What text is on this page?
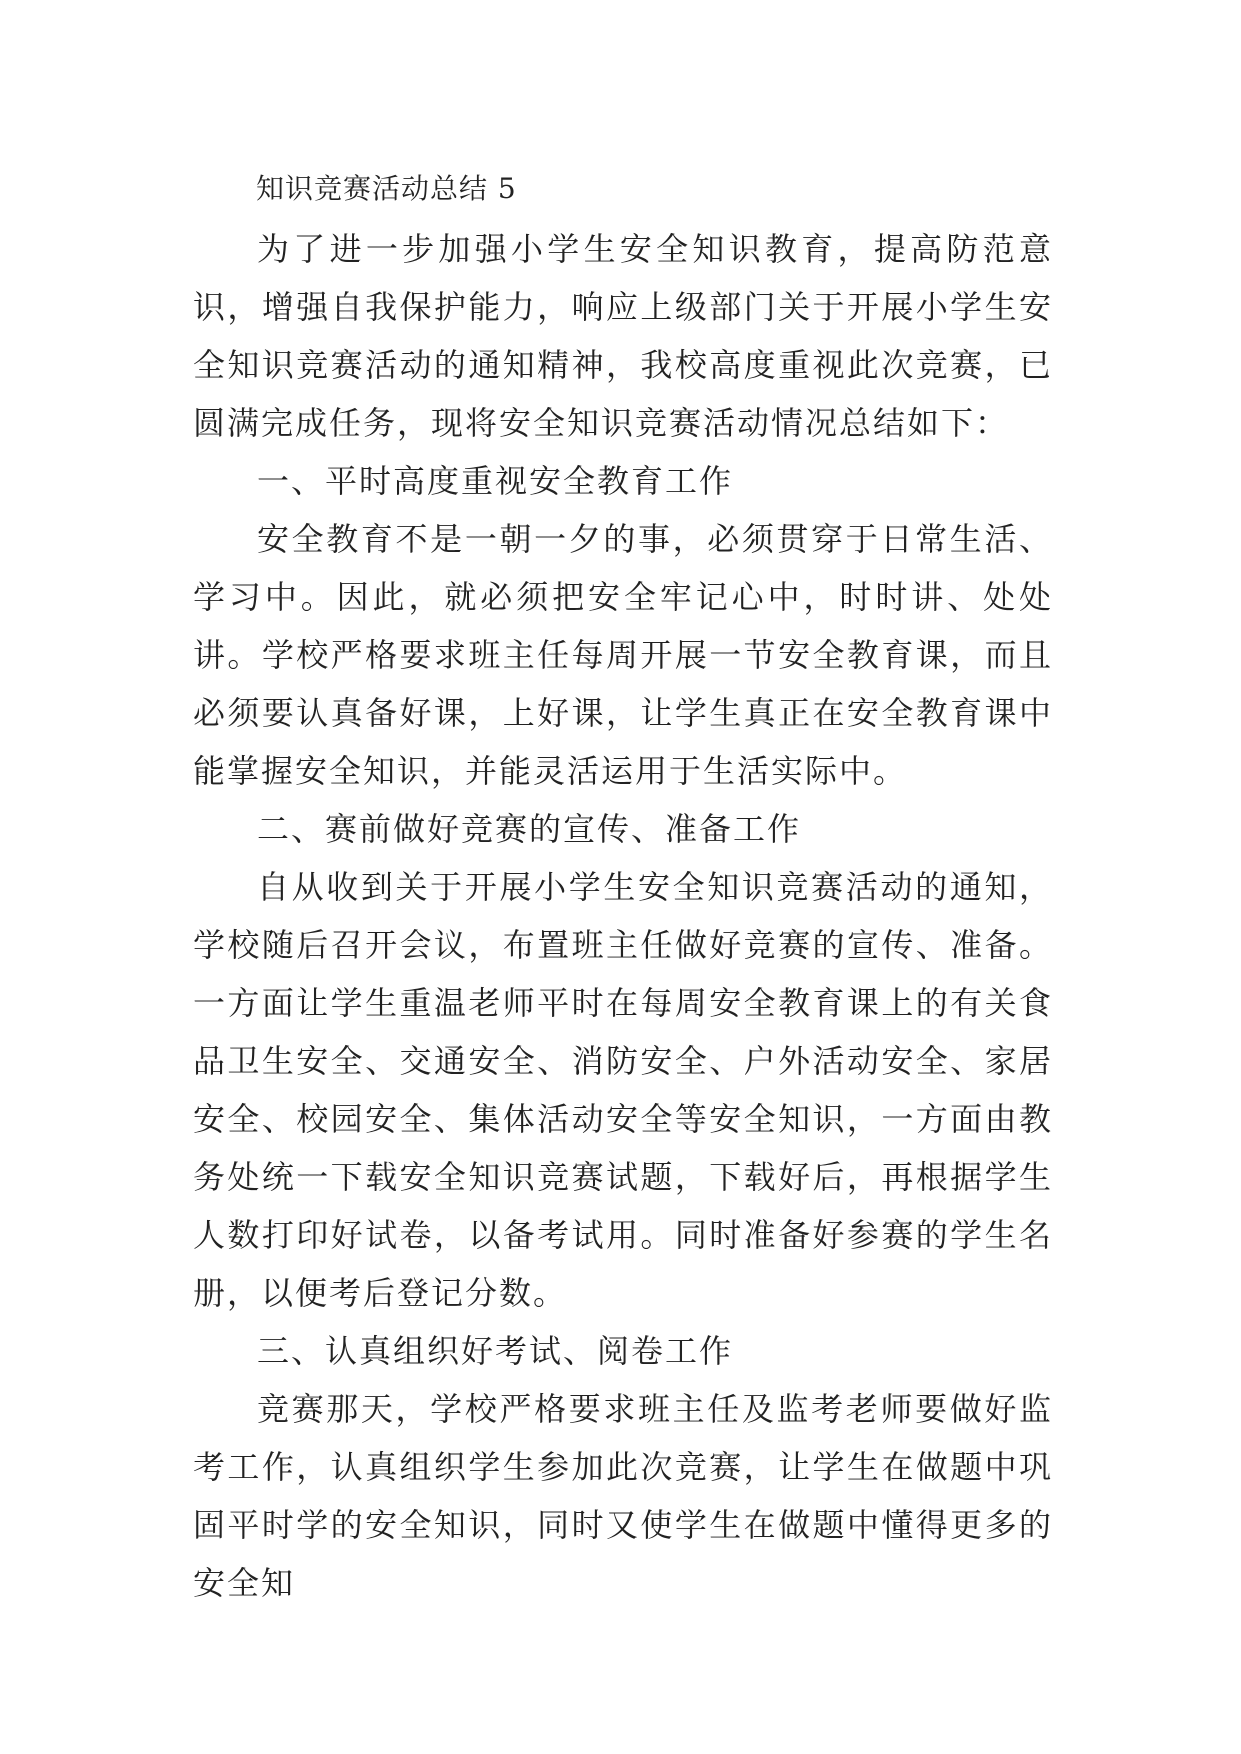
知识竞赛活动总结 5

为了进一步加强小学生安全知识教育，提高防范意识，增强自我保护能力，响应上级部门关于开展小学生安全知识竞赛活动的通知精神，我校高度重视此次竞赛，已圆满完成任务，现将安全知识竞赛活动情况总结如下：

一、平时高度重视安全教育工作

安全教育不是一朝一夕的事，必须贯穿于日常生活、学习中。因此，就必须把安全牢记心中，时时讲、处处讲。学校严格要求班主任每周开展一节安全教育课，而且必须要认真备好课，上好课，让学生真正在安全教育课中能掌握安全知识，并能灵活运用于生活实际中。

二、赛前做好竞赛的宣传、准备工作

自从收到关于开展小学生安全知识竞赛活动的通知，学校随后召开会议，布置班主任做好竞赛的宣传、准备。一方面让学生重温老师平时在每周安全教育课上的有关食品卫生安全、交通安全、消防安全、户外活动安全、家居安全、校园安全、集体活动安全等安全知识，一方面由教务处统一下载安全知识竞赛试题，下载好后，再根据学生人数打印好试卷，以备考试用。同时准备好参赛的学生名册，以便考后登记分数。

三、认真组织好考试、阅卷工作

竞赛那天，学校严格要求班主任及监考老师要做好监考工作，认真组织学生参加此次竞赛，让学生在做题中巩固平时学的安全知识，同时又使学生在做题中懂得更多的安全知
